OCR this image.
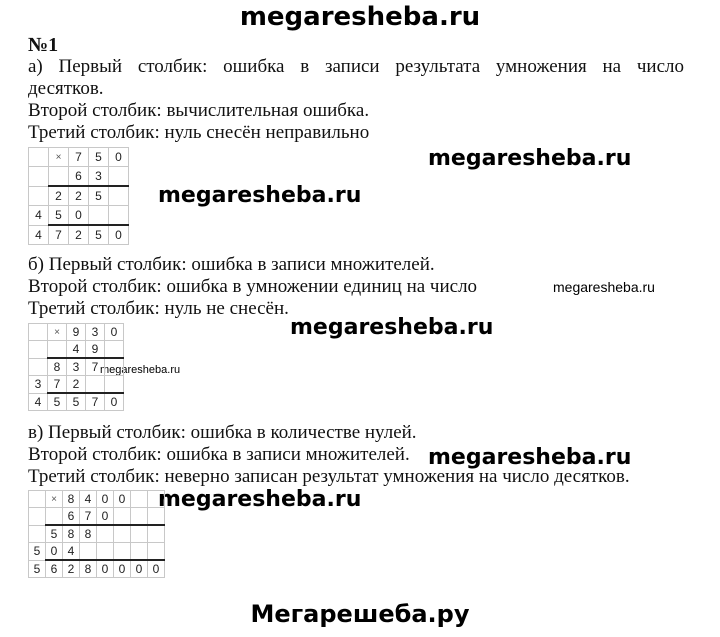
megaresheba.ru
megaresheba.ru
megaresheba.ru
megaresheba.ru
megaresheba.ru
megaresheba.ru
megaresheba.ru
megaresheba.ru
Мегарешеба.ру
№1
а) Первый столбик: ошибка в записи результата умножения на число
десятков.
Второй столбик: вычислительная ошибка.
Третий столбик: нуль снесён неправильно
	×	7	5	0
		6	3	
	2	2	5	
4	5	0		
4	7	2	5	0
б) Первый столбик: ошибка в записи множителей.
Второй столбик: ошибка в умножении единиц на число
Третий столбик: нуль не снесён.
	×	9	3	0
		4	9	
	8	3	7	
3	7	2		
4	5	5	7	0
в) Первый столбик: ошибка в количестве нулей.
Второй столбик: ошибка в записи множителей.
Третий столбик: неверно записан результат умножения на число десятков.
	×	8	4	0	0		
		6	7	0			
	5	8	8				
5	0	4					
5	6	2	8	0	0	0	0
